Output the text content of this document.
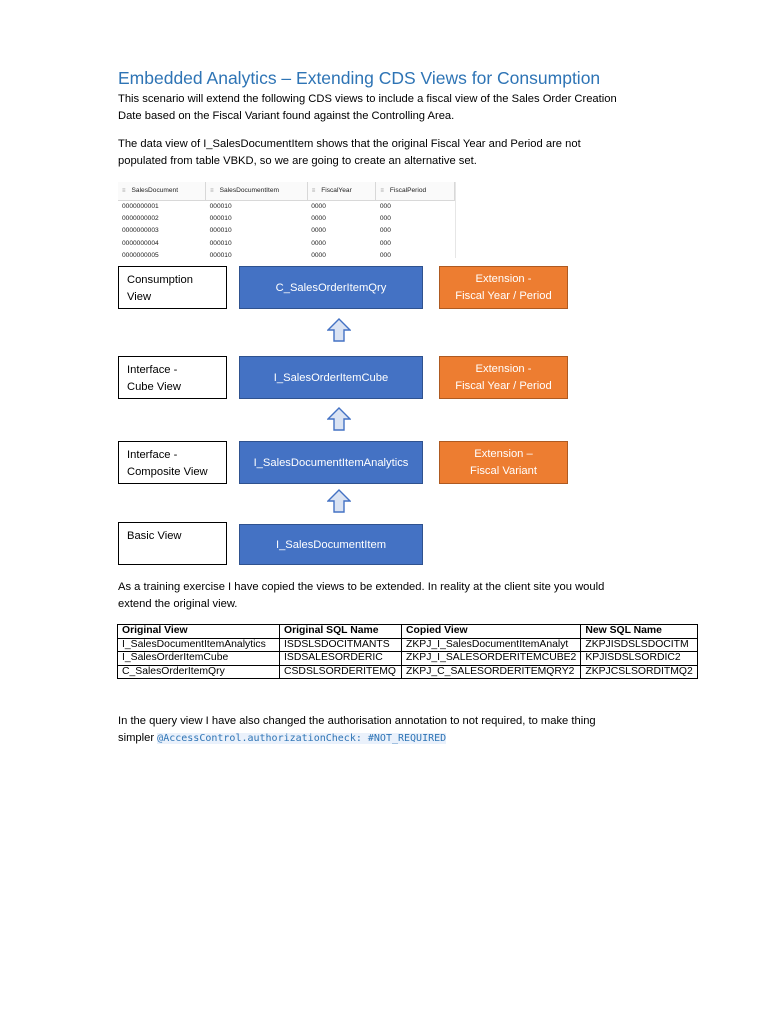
Embedded Analytics – Extending CDS Views for Consumption
This scenario will extend the following CDS views to include a fiscal view of the Sales Order Creation
Date based on the Fiscal Variant found against the Controlling Area.
The data view of I_SalesDocumentItem shows that the original Fiscal Year and Period are not
populated from table VBKD, so we are going to create an alternative set.
≡ SalesDocument	≡ SalesDocumentItem	≡ FiscalYear	≡ FiscalPeriod
0000000001	000010	0000	000
0000000002	000010	0000	000
0000000003	000010	0000	000
0000000004	000010	0000	000
0000000005	000010	0000	000
Consumption
View
C_SalesOrderItemQry
Extension -
Fiscal Year / Period
Interface -
Cube View
I_SalesOrderItemCube
Extension -
Fiscal Year / Period
Interface -
Composite View
I_SalesDocumentItemAnalytics
Extension –
Fiscal Variant
Basic View
I_SalesDocumentItem
As a training exercise I have copied the views to be extended. In reality at the client site you would
extend the original view.
Original View	Original SQL Name	Copied View	New SQL Name
I_SalesDocumentItemAnalytics	ISDSLSDOCITMANTS	ZKPJ_I_SalesDocumentItemAnalyt	ZKPJISDSLSDOCITM
I_SalesOrderItemCube	ISDSALESORDERIC	ZKPJ_I_SALESORDERITEMCUBE2	KPJISDSLSORDIC2
C_SalesOrderItemQry	CSDSLSORDERITEMQ	ZKPJ_C_SALESORDERITEMQRY2	ZKPJCSLSORDITMQ2
In the query view I have also changed the authorisation annotation to not required, to make thing
simpler @AccessControl.authorizationCheck: #NOT_REQUIRED
